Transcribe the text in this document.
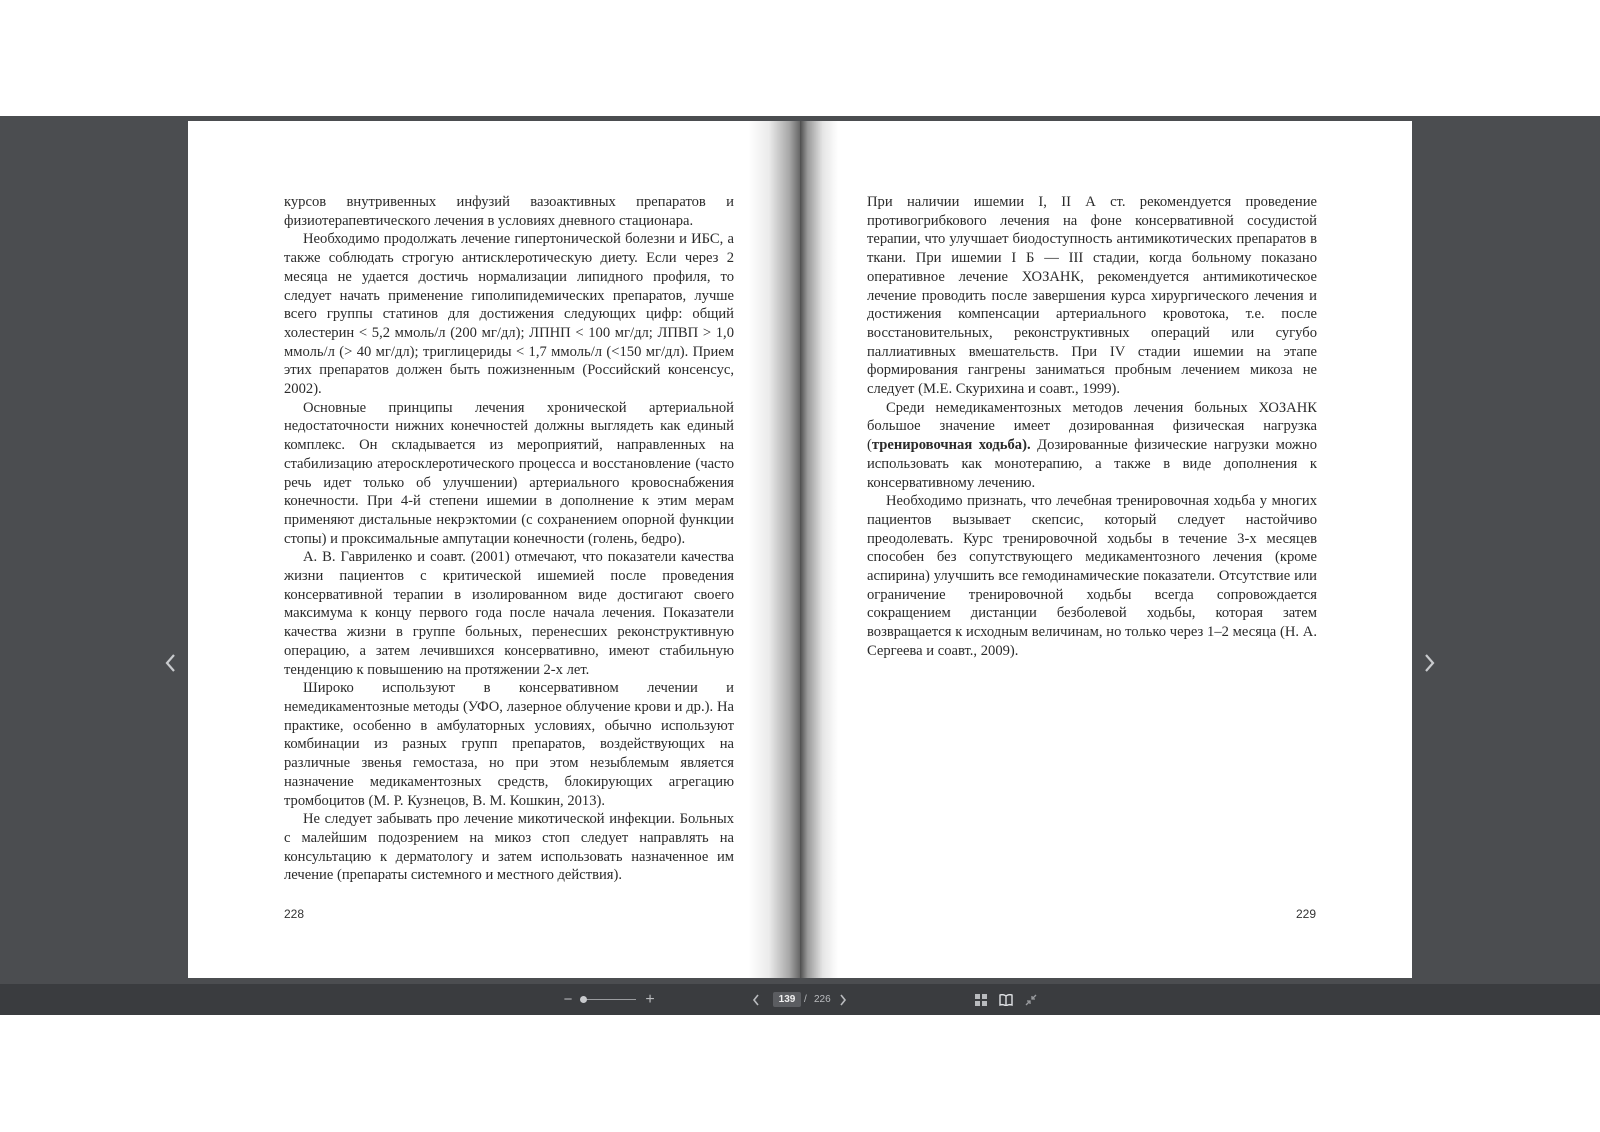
курсов внутривенных инфузий вазоактивных препаратов и физиотерапевтического лечения в условиях дневного стационара.

Необходимо продолжать лечение гипертонической болезни и ИБС, а также соблюдать строгую антисклеротическую диету. Если через 2 месяца не удается достичь нормализации липидного профиля, то следует начать применение гиполипидемических препаратов, лучше всего группы статинов для достижения следующих цифр: общий холестерин < 5,2 ммоль/л (200 мг/дл); ЛПНП < 100 мг/дл; ЛПВП > 1,0 ммоль/л (> 40 мг/дл); триглицериды < 1,7 ммоль/л (<150 мг/дл). Прием этих препаратов должен быть пожизненным (Российский консенсус, 2002).

Основные принципы лечения хронической артериальной недостаточности нижних конечностей должны выглядеть как единый комплекс. Он складывается из мероприятий, направленных на стабилизацию атеросклеротического процесса и восстановление (часто речь идет только об улучшении) артериального кровоснабжения конечности. При 4-й степени ишемии в дополнение к этим мерам применяют дистальные некрэктомии (с сохранением опорной функции стопы) и проксимальные ампутации конечности (голень, бедро).

А. В. Гавриленко и соавт. (2001) отмечают, что показатели качества жизни пациентов с критической ишемией после проведения консервативной терапии в изолированном виде достигают своего максимума к концу первого года после начала лечения. Показатели качества жизни в группе больных, перенесших реконструктивную операцию, а затем лечившихся консервативно, имеют стабильную тенденцию к повышению на протяжении 2-х лет.

Широко используют в консервативном лечении и немедикаментозные методы (УФО, лазерное облучение крови и др.). На практике, особенно в амбулаторных условиях, обычно используют комбинации из разных групп препаратов, воздействующих на различные звенья гемостаза, но при этом незыблемым является назначение медикаментозных средств, блокирующих агрегацию тромбоцитов (М. Р. Кузнецов, В. М. Кошкин, 2013).

Не следует забывать про лечение микотической инфекции. Больных с малейшим подозрением на микоз стоп следует направлять на консультацию к дерматологу и затем использовать назначенное им лечение (препараты системного и местного действия).

228

При наличии ишемии I, II А ст. рекомендуется проведение противогрибкового лечения на фоне консервативной сосудистой терапии, что улучшает биодоступность антимикотических препаратов в ткани. При ишемии I Б — III стадии, когда больному показано оперативное лечение ХОЗАНК, рекомендуется антимикотическое лечение проводить после завершения курса хирургического лечения и достижения компенсации артериального кровотока, т.е. после восстановительных, реконструктивных операций или сугубо паллиативных вмешательств. При IV стадии ишемии на этапе формирования гангрены заниматься пробным лечением микоза не следует (М.Е. Скурихина и соавт., 1999).

Среди немедикаментозных методов лечения больных ХОЗАНК большое значение имеет дозированная физическая нагрузка (тренировочная ходьба). Дозированные физические нагрузки можно использовать как монотерапию, а также в виде дополнения к консервативному лечению.

Необходимо признать, что лечебная тренировочная ходьба у многих пациентов вызывает скепсис, который следует настойчиво преодолевать. Курс тренировочной ходьбы в течение 3-х месяцев способен без сопутствующего медикаментозного лечения (кроме аспирина) улучшить все гемодинамические показатели. Отсутствие или ограничение тренировочной ходьбы всегда сопровождается сокращением дистанции безболевой ходьбы, которая затем возвращается к исходным величинам, но только через 1–2 месяца (Н. А. Сергеева и соавт., 2009).

229
−	+
139	/ 226
